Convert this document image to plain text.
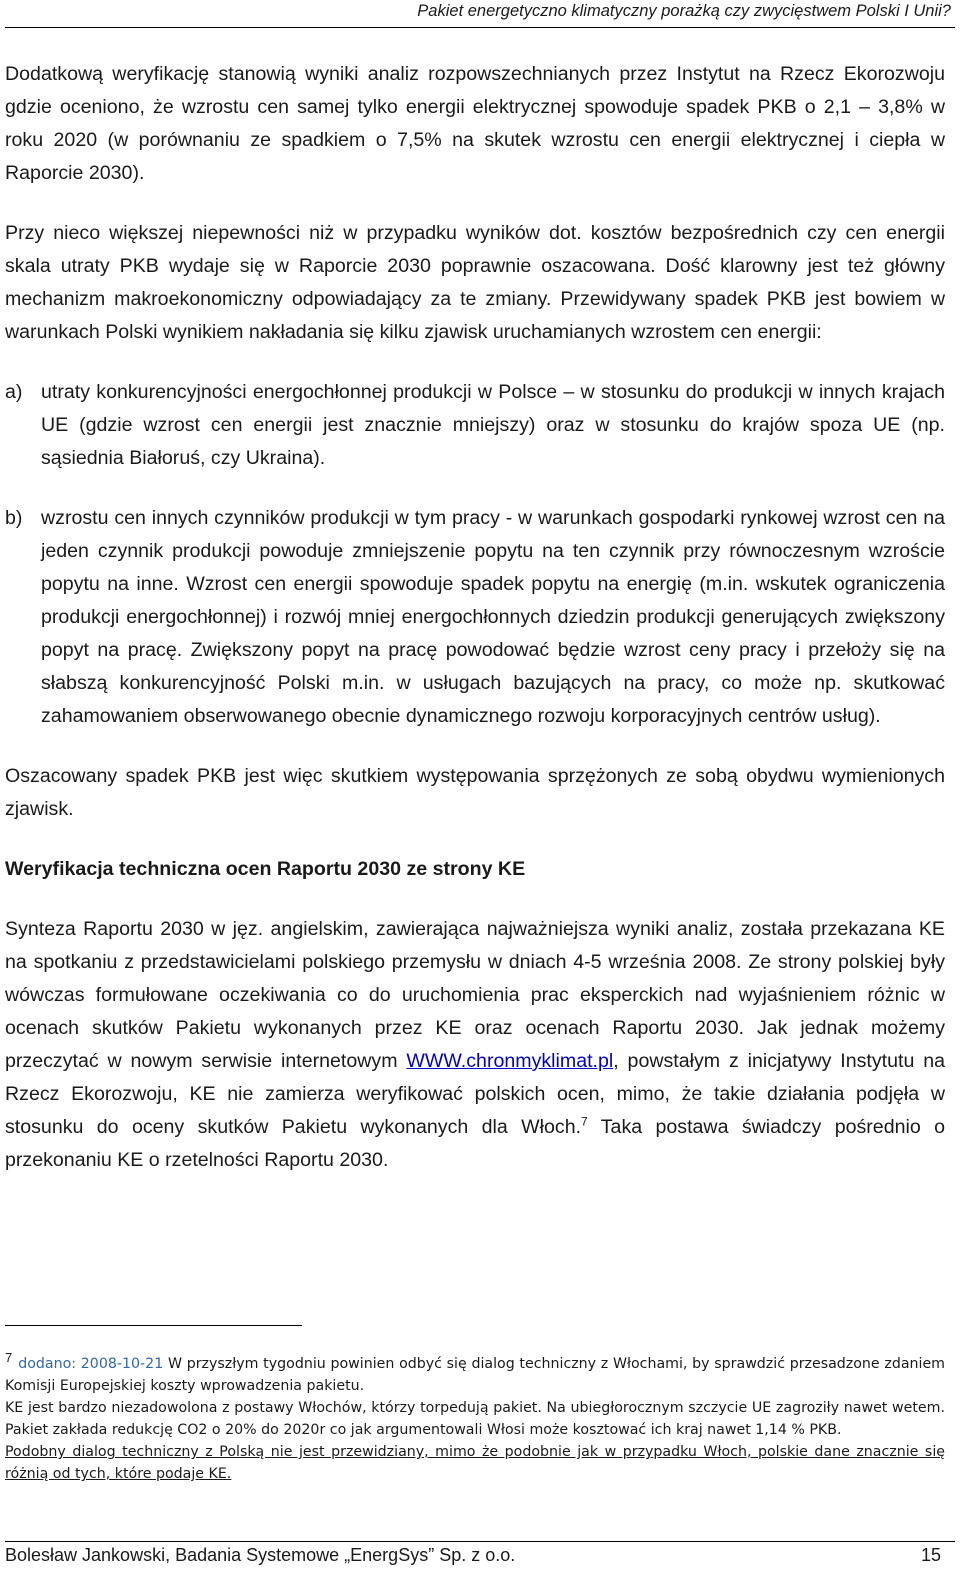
Pakiet energetyczno klimatyczny porażką czy zwycięstwem Polski I Unii?

Dodatkową weryfikację stanowią wyniki analiz rozpowszechnianych przez Instytut na Rzecz Ekorozwoju gdzie oceniono, że wzrostu cen samej tylko energii elektrycznej spowoduje spadek PKB o 2,1 – 3,8% w roku 2020 (w porównaniu ze spadkiem o 7,5% na skutek wzrostu cen energii elektrycznej i ciepła w Raporcie 2030).

Przy nieco większej niepewności niż w przypadku wyników dot. kosztów bezpośrednich czy cen energii skala utraty PKB wydaje się w Raporcie 2030 poprawnie oszacowana. Dość klarowny jest też główny mechanizm makroekonomiczny odpowiadający za te zmiany. Przewidywany spadek PKB jest bowiem w warunkach Polski wynikiem nakładania się kilku zjawisk uruchamianych wzrostem cen energii:

a) utraty konkurencyjności energochłonnej produkcji w Polsce – w stosunku do produkcji w innych krajach UE (gdzie wzrost cen energii jest znacznie mniejszy) oraz w stosunku do krajów spoza UE (np. sąsiednia Białoruś, czy Ukraina).
b) wzrostu cen innych czynników produkcji w tym pracy - w warunkach gospodarki rynkowej wzrost cen na jeden czynnik produkcji powoduje zmniejszenie popytu na ten czynnik przy równoczesnym wzroście popytu na inne. Wzrost cen energii spowoduje spadek popytu na energię (m.in. wskutek ograniczenia produkcji energochłonnej) i rozwój mniej energochłonnych dziedzin produkcji generujących zwiększony popyt na pracę. Zwiększony popyt na pracę powodować będzie wzrost ceny pracy i przełoży się na słabszą konkurencyjność Polski m.in. w usługach bazujących na pracy, co może np. skutkować zahamowaniem obserwowanego obecnie dynamicznego rozwoju korporacyjnych centrów usług).

Oszacowany spadek PKB jest więc skutkiem występowania sprzężonych ze sobą obydwu wymienionych zjawisk.

Weryfikacja techniczna ocen Raportu 2030 ze strony KE

Synteza Raportu 2030 w jęz. angielskim, zawierająca najważniejsza wyniki analiz, została przekazana KE na spotkaniu z przedstawicielami polskiego przemysłu w dniach 4-5 września 2008. Ze strony polskiej były wówczas formułowane oczekiwania co do uruchomienia prac eksperckich nad wyjaśnieniem różnic w ocenach skutków Pakietu wykonanych przez KE oraz ocenach Raportu 2030. Jak jednak możemy przeczytać w nowym serwisie internetowym WWW.chronmyklimat.pl, powstałym z inicjatywy Instytutu na Rzecz Ekorozwoju, KE nie zamierza weryfikować polskich ocen, mimo, że takie działania podjęła w stosunku do oceny skutków Pakietu wykonanych dla Włoch.$^7$ Taka postawa świadczy pośrednio o przekonaniu KE o rzetelności Raportu 2030.

7 dodano: 2008-10-21 W przyszłym tygodniu powinien odbyć się dialog techniczny z Włochami, by sprawdzić przesadzone zdaniem Komisji Europejskiej koszty wprowadzenia pakietu.

KE jest bardzo niezadowolona z postawy Włochów, którzy torpedują pakiet. Na ubiegłorocznym szczycie UE zagroziły nawet wetem. Pakiet zakłada redukcję CO2 o 20% do 2020r co jak argumentowali Włosi może kosztować ich kraj nawet 1,14 % PKB.

Podobny dialog techniczny z Polską nie jest przewidziany, mimo że podobnie jak w przypadku Włoch, polskie dane znacznie się różnią od tych, które podaje KE.

Bolesław Jankowski, Badania Systemowe „EnergSys” Sp. z o.o.	15
